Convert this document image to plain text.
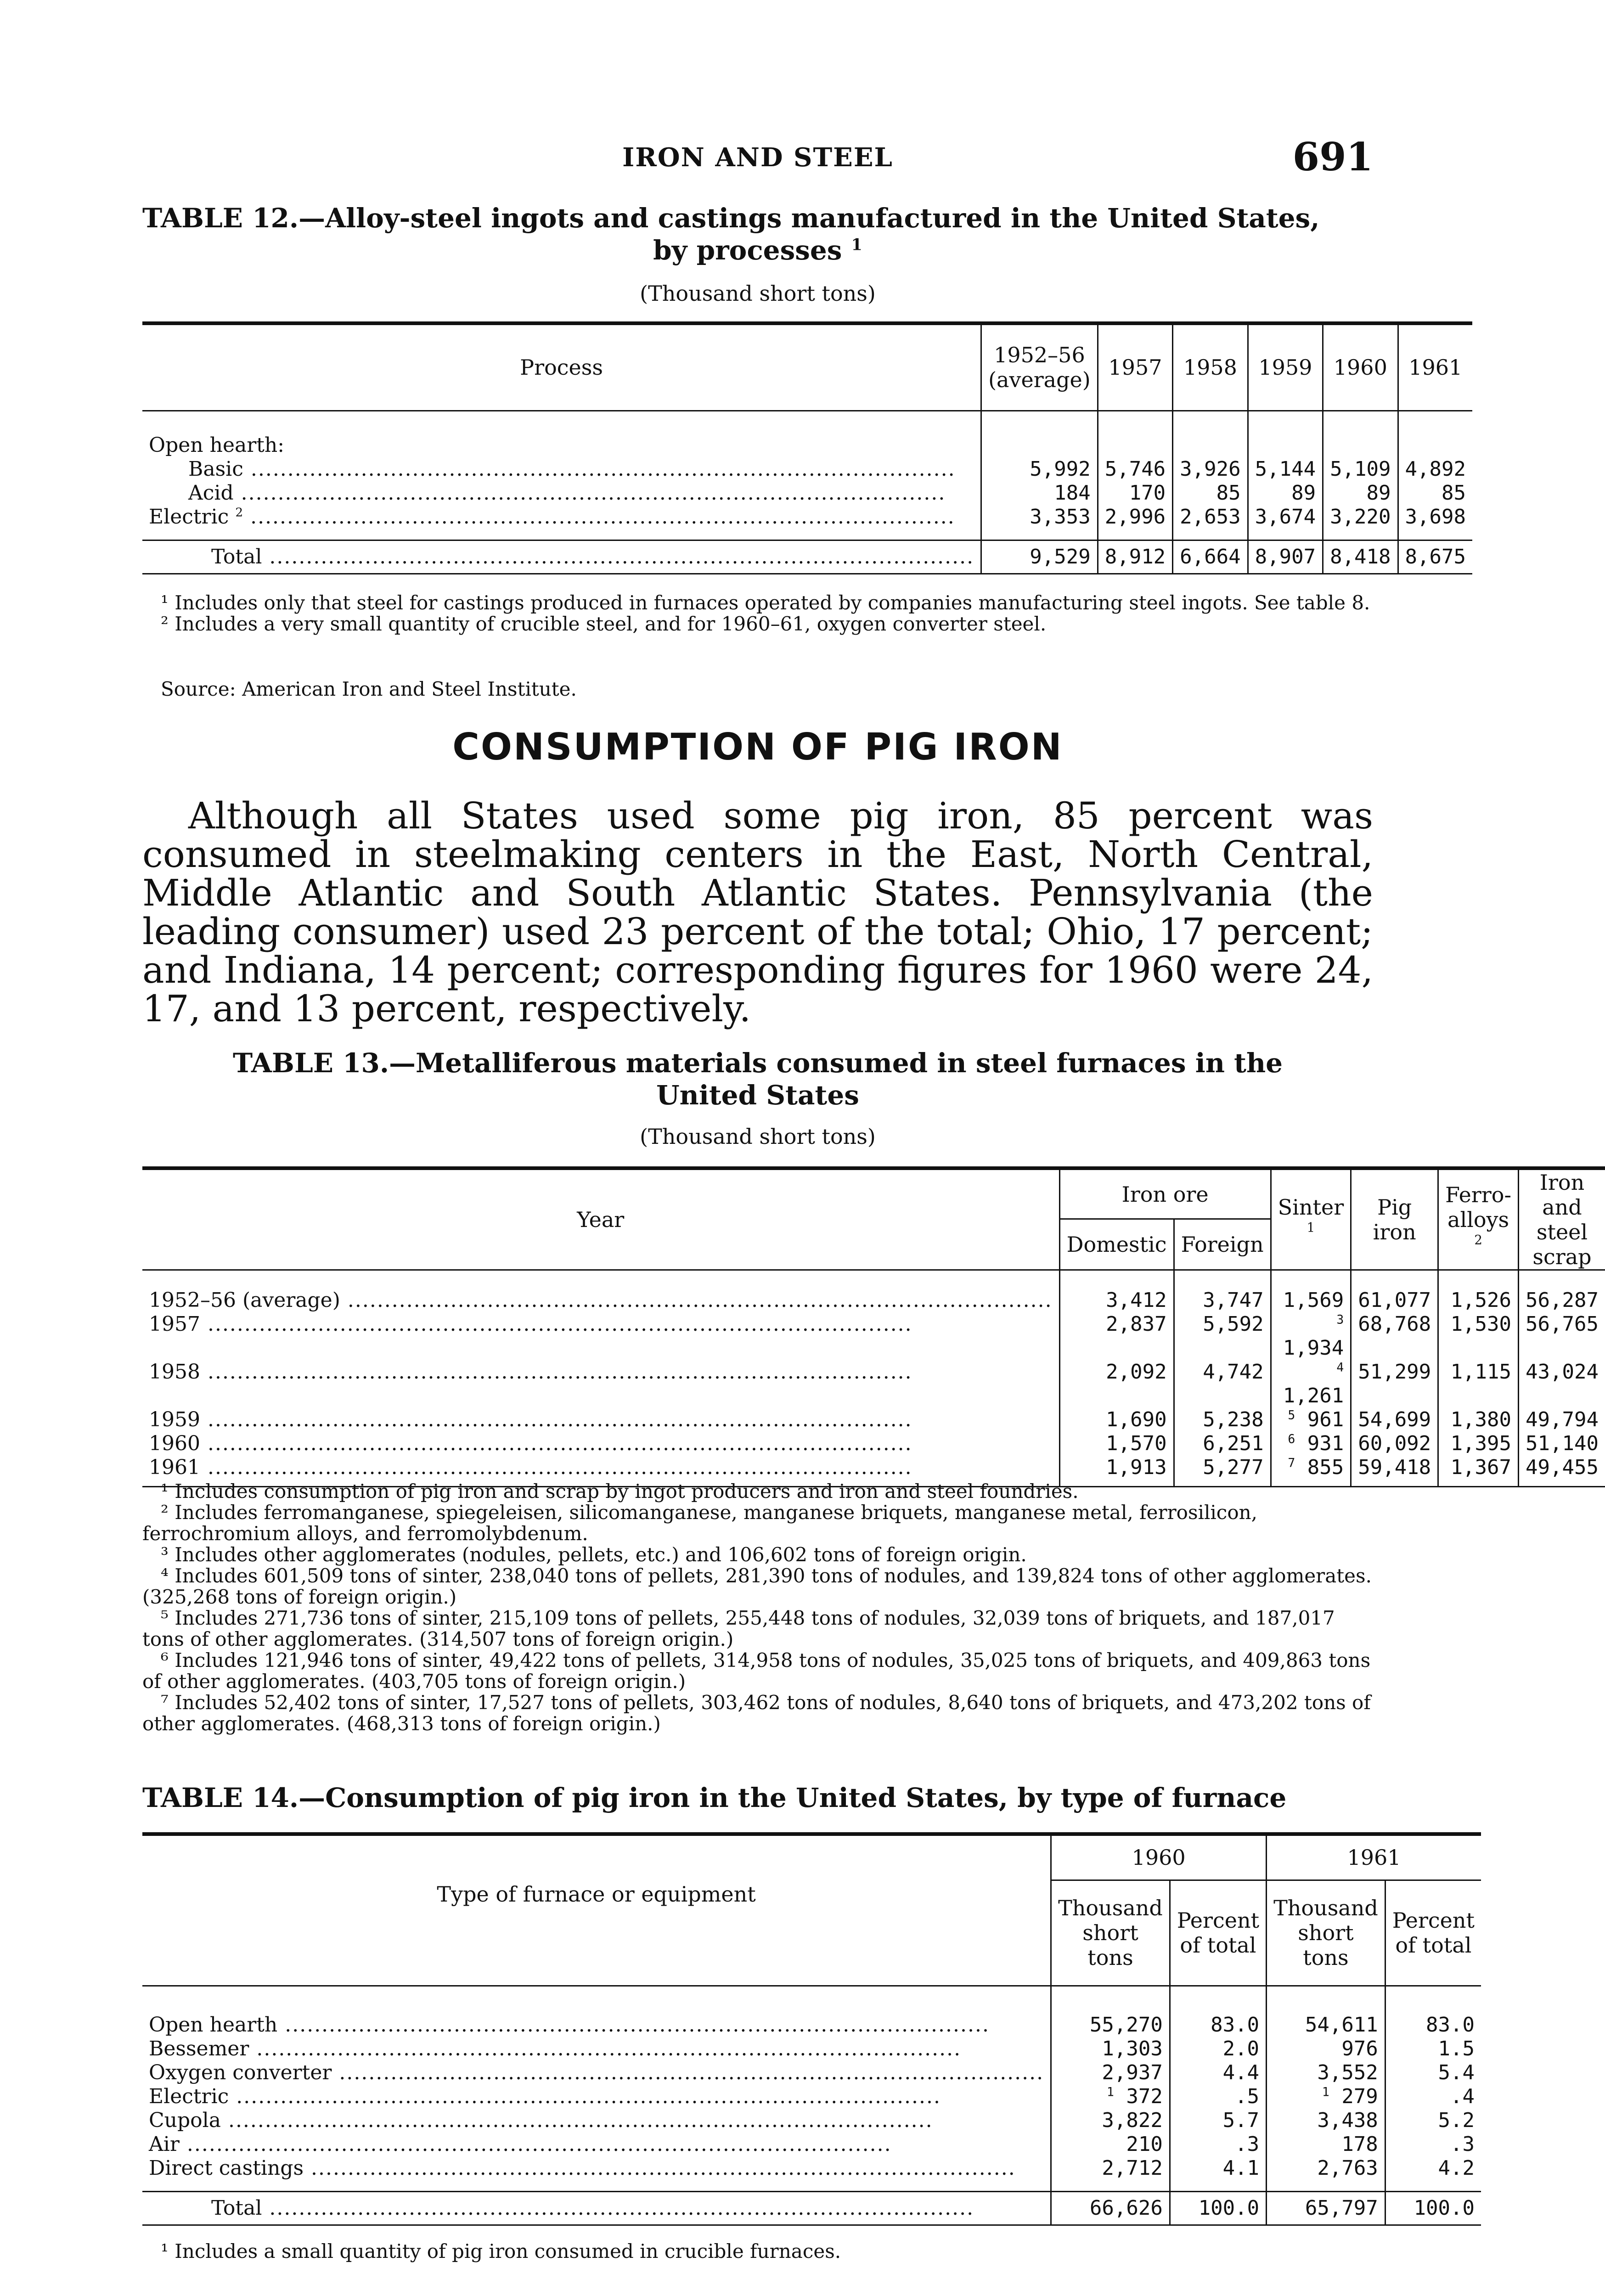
IRON AND STEEL	691
TABLE 12.—Alloy-steel ingots and castings manufactured in the United States,
by processes $^1$
(Thousand short tons)
Process	1952–56 (average)	1957	1958	1959	1960	1961

Open hearth:						
Basic .....	5,992	5,746	3,926	5,144	5,109	4,892
Acid .....	184	170	85	89	89	85
Electric $^2$ .....	3,353	2,996	2,653	3,674	3,220	3,698

Total .....	9,529	8,912	6,664	8,907	8,418	8,675

¹ Includes only that steel for castings produced in furnaces operated by companies manufacturing steel ingots. See table 8.

² Includes a very small quantity of crucible steel, and for 1960–61, oxygen converter steel.

Source: American Iron and Steel Institute.
CONSUMPTION OF PIG IRON
Although all States used some pig iron, 85 percent was consumed in steelmaking centers in the East, North Central, Middle Atlantic and South Atlantic States. Pennsylvania (the leading consumer) used 23 percent of the total; Ohio, 17 percent; and Indiana, 14 percent; corresponding figures for 1960 were 24, 17, and 13 percent, respectively.
TABLE 13.—Metalliferous materials consumed in steel furnaces in the
United States
(Thousand short tons)
Year	Iron ore		Sinter $^1$	Pig iron	Ferro-alloys $^2$	Iron and steel scrap
	Domestic	Foreign				

1952–56 (average) .....	3,412	3,747	1,569	61,077	1,526	56,287
1957 .....	2,837	5,592	$^3$ 1,934	68,768	1,530	56,765
1958 .....	2,092	4,742	$^4$ 1,261	51,299	1,115	43,024
1959 .....	1,690	5,238	$^5$ 961	54,699	1,380	49,794
1960 .....	1,570	6,251	$^6$ 931	60,092	1,395	51,140
1961 .....	1,913	5,277	$^7$ 855	59,418	1,367	49,455

¹ Includes consumption of pig iron and scrap by ingot producers and iron and steel foundries.

² Includes ferromanganese, spiegeleisen, silicomanganese, manganese briquets, manganese metal, ferrosilicon, ferrochromium alloys, and ferromolybdenum.

³ Includes other agglomerates (nodules, pellets, etc.) and 106,602 tons of foreign origin.

⁴ Includes 601,509 tons of sinter, 238,040 tons of pellets, 281,390 tons of nodules, and 139,824 tons of other agglomerates. (325,268 tons of foreign origin.)

⁵ Includes 271,736 tons of sinter, 215,109 tons of pellets, 255,448 tons of nodules, 32,039 tons of briquets, and 187,017 tons of other agglomerates. (314,507 tons of foreign origin.)

⁶ Includes 121,946 tons of sinter, 49,422 tons of pellets, 314,958 tons of nodules, 35,025 tons of briquets, and 409,863 tons of other agglomerates. (403,705 tons of foreign origin.)

⁷ Includes 52,402 tons of sinter, 17,527 tons of pellets, 303,462 tons of nodules, 8,640 tons of briquets, and 473,202 tons of other agglomerates. (468,313 tons of foreign origin.)

TABLE 14.—Consumption of pig iron in the United States, by type of furnace
Type of furnace or equipment	1960		1961	
	Thousand short tons	Percent of total	Thousand short tons	Percent of total

Open hearth .....	55,270	83.0	54,611	83.0
Bessemer .....	1,303	2.0	976	1.5
Oxygen converter .....	2,937	4.4	3,552	5.4
Electric .....	$^1$ 372	.5	$^1$ 279	.4
Cupola .....	3,822	5.7	3,438	5.2
Air .....	210	.3	178	.3
Direct castings .....	2,712	4.1	2,763	4.2

Total .....	66,626	100.0	65,797	100.0

¹ Includes a small quantity of pig iron consumed in crucible furnaces.
